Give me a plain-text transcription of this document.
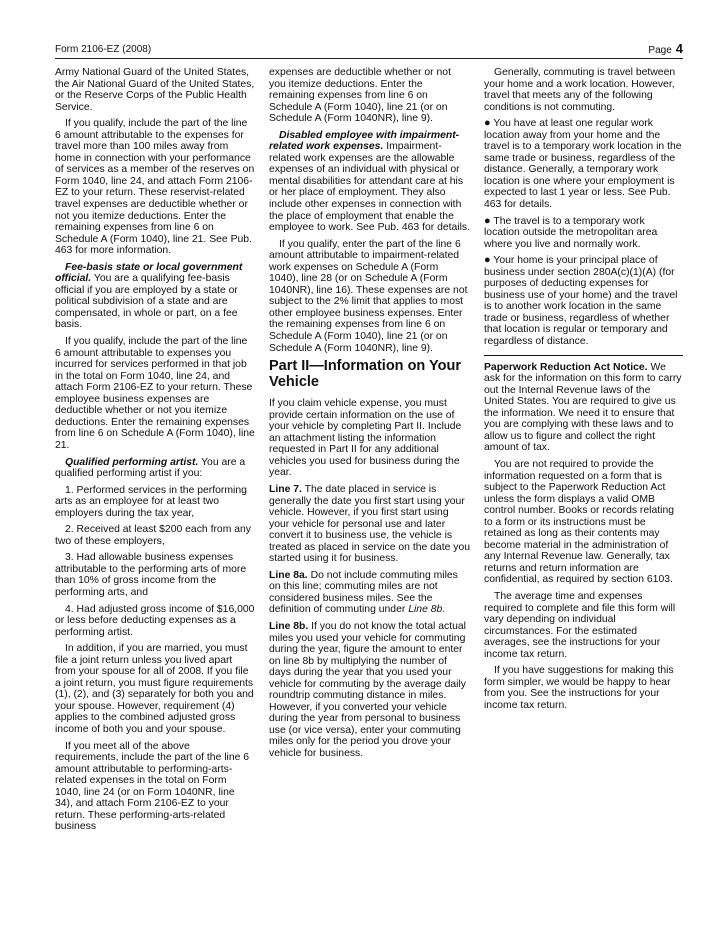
Form 2106-EZ (2008)	Page 4

Army National Guard of the United States, the Air National Guard of the United States, or the Reserve Corps of the Public Health Service.

If you qualify, include the part of the line 6 amount attributable to the expenses for travel more than 100 miles away from home in connection with your performance of services as a member of the reserves on Form 1040, line 24, and attach Form 2106-EZ to your return. These reservist-related travel expenses are deductible whether or not you itemize deductions. Enter the remaining expenses from line 6 on Schedule A (Form 1040), line 21. See Pub. 463 for more information.

Fee-basis state or local government official. You are a qualifying fee-basis official if you are employed by a state or political subdivision of a state and are compensated, in whole or part, on a fee basis.

If you qualify, include the part of the line 6 amount attributable to expenses you incurred for services performed in that job in the total on Form 1040, line 24, and attach Form 2106-EZ to your return. These employee business expenses are deductible whether or not you itemize deductions. Enter the remaining expenses from line 6 on Schedule A (Form 1040), line 21.

Qualified performing artist. You are a qualified performing artist if you:

1. Performed services in the performing arts as an employee for at least two employers during the tax year,

2. Received at least $200 each from any two of these employers,

3. Had allowable business expenses attributable to the performing arts of more than 10% of gross income from the performing arts, and

4. Had adjusted gross income of $16,000 or less before deducting expenses as a performing artist.

In addition, if you are married, you must file a joint return unless you lived apart from your spouse for all of 2008. If you file a joint return, you must figure requirements (1), (2), and (3) separately for both you and your spouse. However, requirement (4) applies to the combined adjusted gross income of both you and your spouse.

If you meet all of the above requirements, include the part of the line 6 amount attributable to performing-arts-related expenses in the total on Form 1040, line 24 (or on Form 1040NR, line 34), and attach Form 2106-EZ to your return. These performing-arts-related business

expenses are deductible whether or not you itemize deductions. Enter the remaining expenses from line 6 on Schedule A (Form 1040), line 21 (or on Schedule A (Form 1040NR), line 9).

Disabled employee with impairment-related work expenses. Impairment-related work expenses are the allowable expenses of an individual with physical or mental disabilities for attendant care at his or her place of employment. They also include other expenses in connection with the place of employment that enable the employee to work. See Pub. 463 for details.

If you qualify, enter the part of the line 6 amount attributable to impairment-related work expenses on Schedule A (Form 1040), line 28 (or on Schedule A (Form 1040NR), line 16). These expenses are not subject to the 2% limit that applies to most other employee business expenses. Enter the remaining expenses from line 6 on Schedule A (Form 1040), line 21 (or on Schedule A (Form 1040NR), line 9).

Part II—Information on Your Vehicle

If you claim vehicle expense, you must provide certain information on the use of your vehicle by completing Part II. Include an attachment listing the information requested in Part II for any additional vehicles you used for business during the year.

Line 7. The date placed in service is generally the date you first start using your vehicle. However, if you first start using your vehicle for personal use and later convert it to business use, the vehicle is treated as placed in service on the date you started using it for business.

Line 8a. Do not include commuting miles on this line; commuting miles are not considered business miles. See the definition of commuting under Line 8b.

Line 8b. If you do not know the total actual miles you used your vehicle for commuting during the year, figure the amount to enter on line 8b by multiplying the number of days during the year that you used your vehicle for commuting by the average daily roundtrip commuting distance in miles. However, if you converted your vehicle during the year from personal to business use (or vice versa), enter your commuting miles only for the period you drove your vehicle for business.

Generally, commuting is travel between your home and a work location. However, travel that meets any of the following conditions is not commuting.

● You have at least one regular work location away from your home and the travel is to a temporary work location in the same trade or business, regardless of the distance. Generally, a temporary work location is one where your employment is expected to last 1 year or less. See Pub. 463 for details.

● The travel is to a temporary work location outside the metropolitan area where you live and normally work.

● Your home is your principal place of business under section 280A(c)(1)(A) (for purposes of deducting expenses for business use of your home) and the travel is to another work location in the same trade or business, regardless of whether that location is regular or temporary and regardless of distance.

Paperwork Reduction Act Notice. We ask for the information on this form to carry out the Internal Revenue laws of the United States. You are required to give us the information. We need it to ensure that you are complying with these laws and to allow us to figure and collect the right amount of tax.

You are not required to provide the information requested on a form that is subject to the Paperwork Reduction Act unless the form displays a valid OMB control number. Books or records relating to a form or its instructions must be retained as long as their contents may become material in the administration of any Internal Revenue law. Generally, tax returns and return information are confidential, as required by section 6103.

The average time and expenses required to complete and file this form will vary depending on individual circumstances. For the estimated averages, see the instructions for your income tax return.

If you have suggestions for making this form simpler, we would be happy to hear from you. See the instructions for your income tax return.
